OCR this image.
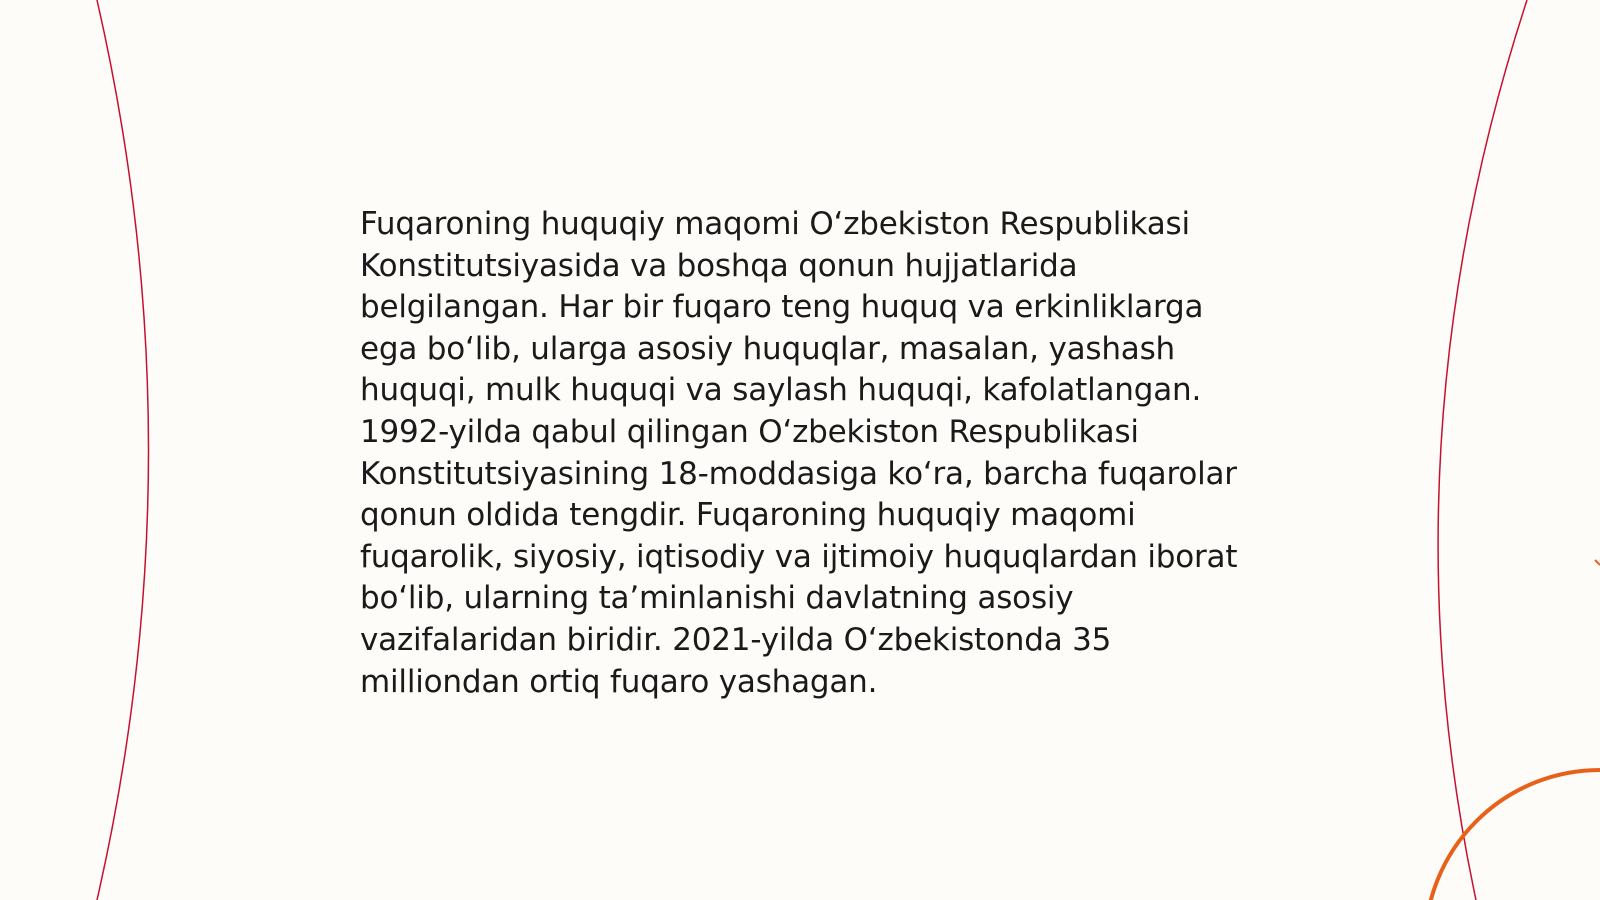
Fuqaroning huquqiy maqomi O‘zbekiston Respublikasi Konstitutsiyasida va boshqa qonun hujjatlarida belgilangan. Har bir fuqaro teng huquq va erkinliklarga ega bo‘lib, ularga asosiy huquqlar, masalan, yashash huquqi, mulk huquqi va saylash huquqi, kafolatlangan. 1992-yilda qabul qilingan O‘zbekiston Respublikasi Konstitutsiyasining 18-moddasiga ko‘ra, barcha fuqarolar qonun oldida tengdir. Fuqaroning huquqiy maqomi fuqarolik, siyosiy, iqtisodiy va ijtimoiy huquqlardan iborat bo‘lib, ularning ta’minlanishi davlatning asosiy vazifalaridan biridir. 2021-yilda O‘zbekistonda 35 milliondan ortiq fuqaro yashagan.
